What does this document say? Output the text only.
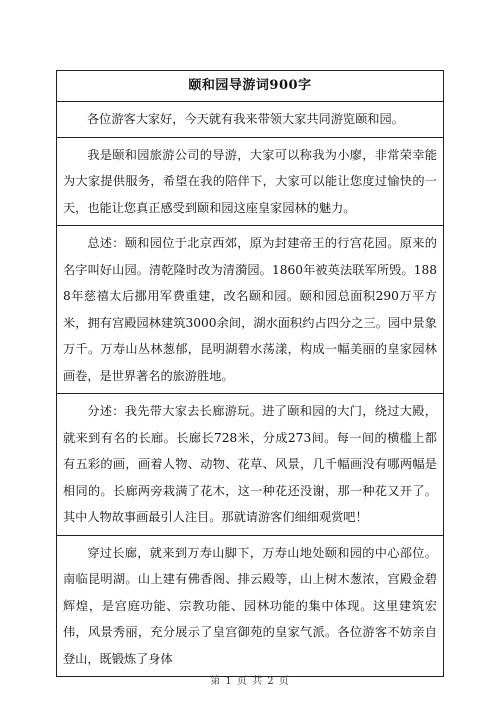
颐和园导游词900字
各位游客大家好，今天就有我来带领大家共同游览颐和园。
我是颐和园旅游公司的导游，大家可以称我为小廖，非常荣幸能为大家提供服务，希望在我的陪伴下，大家可以能让您度过愉快的一天，也能让您真正感受到颐和园这座皇家园林的魅力。
总述：颐和园位于北京西郊，原为封建帝王的行宫花园。原来的名字叫好山园。清乾隆时改为清漪园。1860年被英法联军所毁。1888年慈禧太后挪用军费重建，改名颐和园。颐和园总面积290万平方米，拥有宫殿园林建筑3000余间，湖水面积约占四分之三。园中景象万千。万寿山丛林葱郁，昆明湖碧水荡漾，构成一幅美丽的皇家园林画卷，是世界著名的旅游胜地。
分述：我先带大家去长廊游玩。进了颐和园的大门，绕过大殿，就来到有名的长廊。长廊长728米，分成273间。每一间的横槛上都有五彩的画，画着人物、动物、花草、风景，几千幅画没有哪两幅是相同的。长廊两旁栽满了花木，这一种花还没谢，那一种花又开了。其中人物故事画最引人注目。那就请游客们细细观赏吧！
穿过长廊，就来到万寿山脚下，万寿山地处颐和园的中心部位。南临昆明湖。山上建有佛香阁、排云殿等，山上树木葱浓，宫殿金碧辉煌，是宫庭功能、宗教功能、园林功能的集中体现。这里建筑宏伟，风景秀丽，充分展示了皇宫御苑的皇家气派。各位游客不妨亲自登山，既锻炼了身体
第 1 页 共 2 页
